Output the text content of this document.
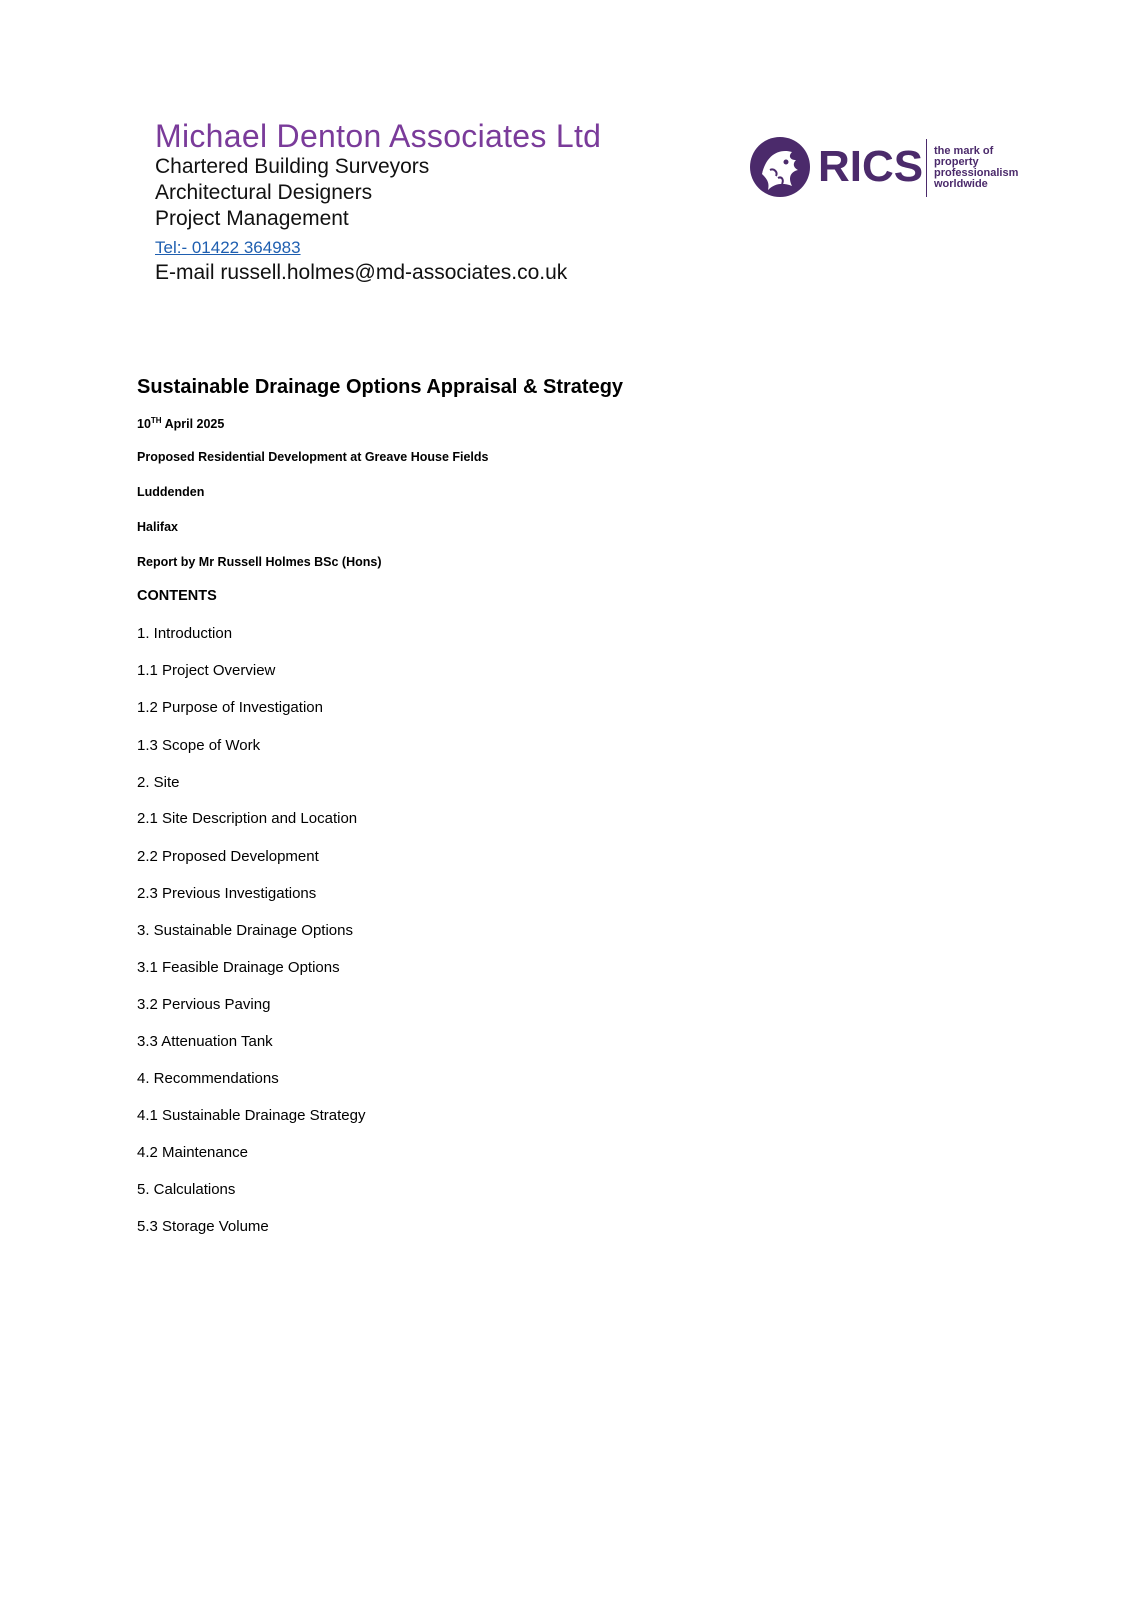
Michael Denton Associates Ltd

Chartered Building Surveyors

Architectural Designers

Project Management

Tel:- 01422 364983

E-mail russell.holmes@md-associates.co.uk

RICS the mark of
property
professionalism
worldwide

Sustainable Drainage Options Appraisal & Strategy

10TH April 2025

Proposed Residential Development at Greave House Fields

Luddenden

Halifax

Report by Mr Russell Holmes BSc (Hons)

CONTENTS

1. Introduction

1.1 Project Overview

1.2 Purpose of Investigation

1.3 Scope of Work

2. Site

2.1 Site Description and Location

2.2 Proposed Development

2.3 Previous Investigations

3. Sustainable Drainage Options

3.1 Feasible Drainage Options

3.2 Pervious Paving

3.3 Attenuation Tank

4. Recommendations

4.1 Sustainable Drainage Strategy

4.2 Maintenance

5. Calculations

5.3 Storage Volume
